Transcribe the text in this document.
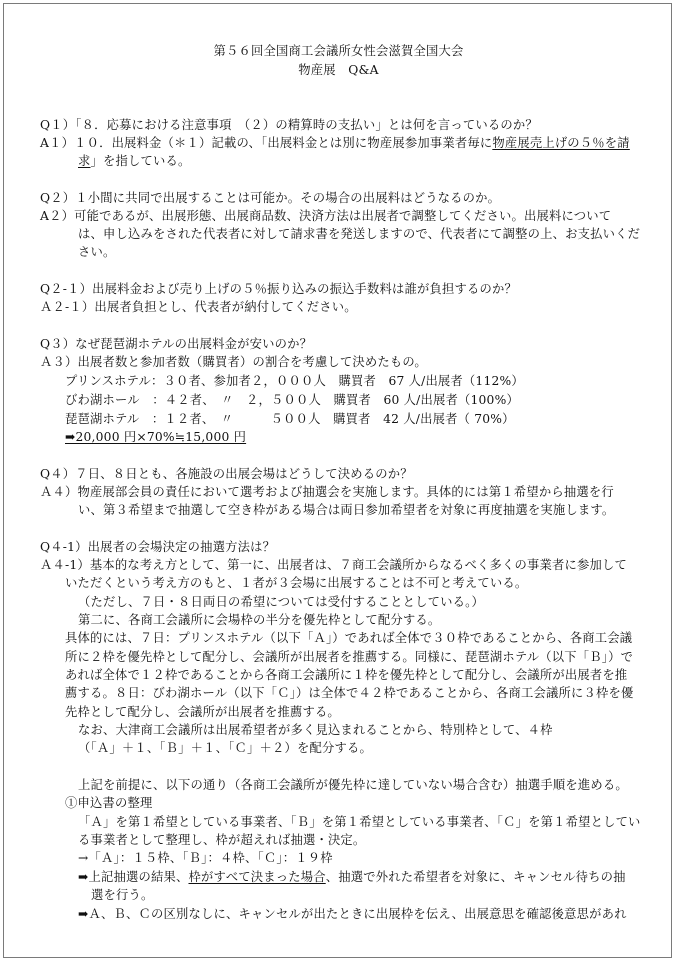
第５６回全国商工会議所女性会滋賀全国大会
物産展　Q&A
Q１）「８．応募における注意事項　（２）の精算時の支払い」とは何を言っているのか？
A１）１０．出展料金（＊１）記載の、「出展料金とは別に物産展参加事業者毎に物産展売上げの５％を請
求」を指している。
Q２）１小間に共同で出展することは可能か。その場合の出展料はどうなるのか。
A２）可能であるが、出展形態、出展商品数、決済方法は出展者で調整してください。出展料について
は、申し込みをされた代表者に対して請求書を発送しますので、代表者にて調整の上、お支払いくだ
さい。
Q２-１）出展料金および売り上げの５％振り込みの振込手数料は誰が負担するのか？
Ａ２-１）出展者負担とし、代表者が納付してください。
Q３）なぜ琵琶湖ホテルの出展料金が安いのか？
Ａ３）出展者数と参加者数（購買者）の割合を考慮して決めたもの。
プリンスホテル：３０者、参加者２，０００人　購買者　67 人/出展者（112%）
びわ湖ホール　：４２者、　〃　２，５００人　購買者　60 人/出展者（100%）
琵琶湖ホテル　：１２者、　〃　　　５００人　購買者　42 人/出展者（ 70%）
➡20,000 円×70%≒15,000 円
Q４）７日、８日とも、各施設の出展会場はどうして決めるのか？
Ａ４）物産展部会員の責任において選考および抽選会を実施します。具体的には第１希望から抽選を行
い、第３希望まで抽選して空き枠がある場合は両日参加希望者を対象に再度抽選を実施します。
Q４-1）出展者の会場決定の抽選方法は？
Ａ４-1）基本的な考え方として、第一に、出展者は、７商工会議所からなるべく多くの事業者に参加して
いただくという考え方のもと、１者が３会場に出展することは不可と考えている。
（ただし、７日・８日両日の希望については受付することとしている。）
第二に、各商工会議所に会場枠の半分を優先枠として配分する。
具体的には、７日：プリンスホテル（以下「Ａ」）であれば全体で３０枠であることから、各商工会議
所に２枠を優先枠として配分し、会議所が出展者を推薦する。同様に、琵琶湖ホテル（以下「Ｂ」）で
あれば全体で１２枠であることから各商工会議所に１枠を優先枠として配分し、会議所が出展者を推
薦する。８日：びわ湖ホール（以下「Ｃ」）は全体で４２枠であることから、各商工会議所に３枠を優
先枠として配分し、会議所が出展者を推薦する。
なお、大津商工会議所は出展希望者が多く見込まれることから、特別枠として、４枠
（「Ａ」＋１、「Ｂ」＋１、「Ｃ」＋２）を配分する。
上記を前提に、以下の通り（各商工会議所が優先枠に達していない場合含む）抽選手順を進める。
①申込書の整理
「Ａ」を第１希望としている事業者、「Ｂ」を第１希望としている事業者、「Ｃ」を第１希望としてい
る事業者として整理し、枠が超えれば抽選・決定。
→「Ａ」：１５枠、「Ｂ」：４枠、「Ｃ」：１９枠
➡上記抽選の結果、枠がすべて決まった場合、抽選で外れた希望者を対象に、キャンセル待ちの抽
選を行う。
➡Ａ、Ｂ、Ｃの区別なしに、キャンセルが出たときに出展枠を伝え、出展意思を確認後意思があれ
